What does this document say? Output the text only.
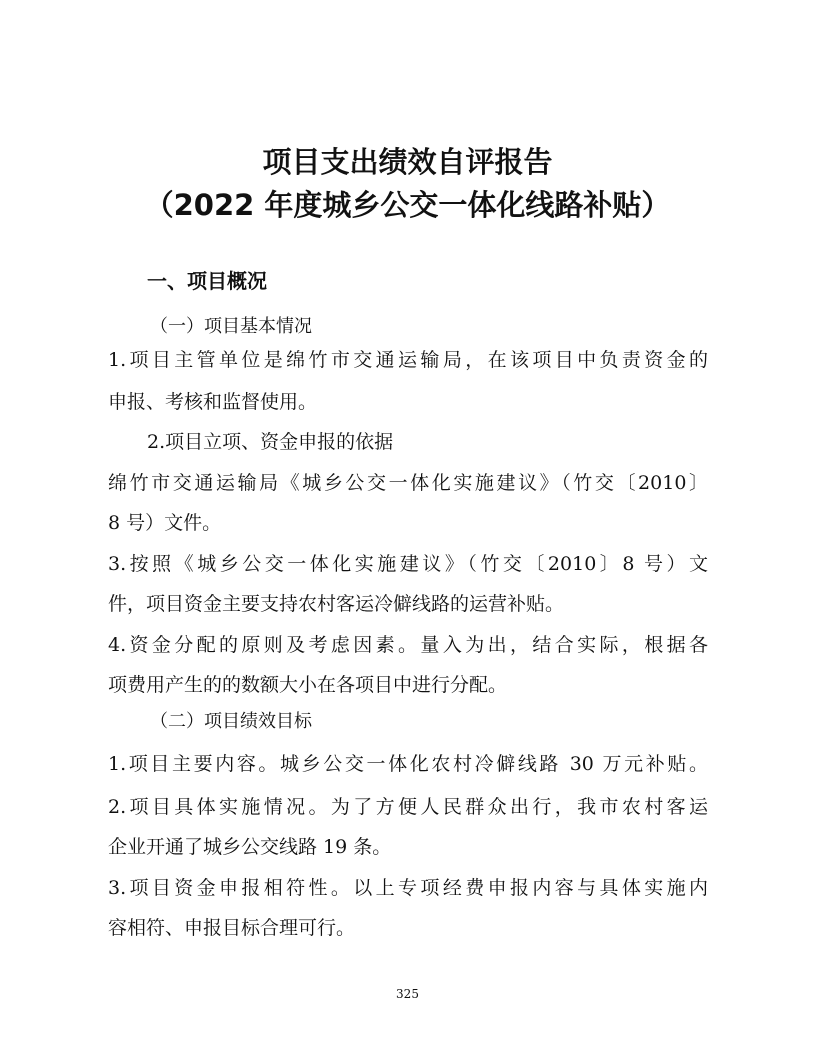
项目支出绩效自评报告
（2022 年度城乡公交一体化线路补贴）
一、项目概况
（一）项目基本情况
1.项目主管单位是绵竹市交通运输局，在该项目中负责资金的
申报、考核和监督使用。
2.项目立项、资金申报的依据
绵竹市交通运输局《城乡公交一体化实施建议》（竹交〔2010〕
8 号）文件。
3.按照《城乡公交一体化实施建议》（竹交〔2010〕8 号）文
件，项目资金主要支持农村客运冷僻线路的运营补贴。
4.资金分配的原则及考虑因素。量入为出，结合实际，根据各
项费用产生的的数额大小在各项目中进行分配。
（二）项目绩效目标
1.项目主要内容。城乡公交一体化农村冷僻线路 30 万元补贴。
2.项目具体实施情况。为了方便人民群众出行，我市农村客运
企业开通了城乡公交线路 19 条。
3.项目资金申报相符性。以上专项经费申报内容与具体实施内
容相符、申报目标合理可行。
325
